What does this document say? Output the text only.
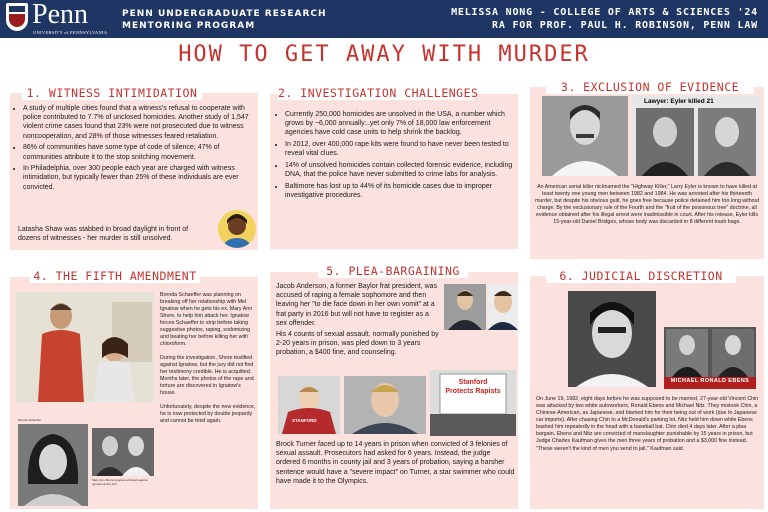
Penn
UNIVERSITY of PENNSYLVANIA
PENN UNDERGRADUATE RESEARCH
MENTORING PROGRAM
MELISSA NONG - COLLEGE OF ARTS & SCIENCES '24
RA FOR PROF. PAUL H. ROBINSON, PENN LAW
HOW TO GET AWAY WITH MURDER
1. WITNESS INTIMIDATION
• A study of multiple cities found that a witness's refusal to cooperate with police contributed to 7.7% of unclosed homicides. Another study of 1,547 violent crime cases found that 23% were not prosecuted due to witness noncooperation, and 28% of those witnesses feared retaliation.
• 86% of communities have some type of code of silence; 47% of communities attribute it to the stop snitching movement.
• In Philadelphia, over 300 people each year are charged with witness intimidation, but typically fewer than 25% of these individuals are ever convicted.
Latasha Shaw was stabbed in broad daylight in front of dozens of witnesses - her murder is still unsolved.
2. INVESTIGATION CHALLENGES
• Currently 250,000 homicides are unsolved in the USA, a number which grows by ~6,000 annually...yet only 7% of 18,000 law enforcement agencies have cold case units to help shrink the backlog.
• In 2012, over 400,000 rape kits were found to have never been tested to reveal vital clues.
• 14% of unsolved homicides contain collected forensic evidence, including DNA, that the police have never submitted to crime labs for analysis.
• Baltimore has lost up to 44% of its homicide cases due to improper investigative procedures.
3. EXCLUSION OF EVIDENCE
Lawyer: Eyler killed 21
An American serial killer nicknamed the "Highway Killer," Larry Eyler is known to have killed at least twenty one young men between 1982 and 1984. He was arrested after his thirteenth murder, but despite his obvious guilt, he goes free because police detained him too long without charge. By the exclusionary rule of the Fourth and the "fruit of the poisonous tree" doctrine, all evidence obtained after his illegal arrest were inadmissible in court. After his release, Eyler kills 15-year-old Daniel Bridges, whose body was discarded in 8 different trash bags.
4. THE FIFTH AMENDMENT

Brenda Schaeffer was planning on breaking off her relationship with Mel Ignatow when he gets his ex, Mary Ann Shore, to help him attack her. Ignatow forces Schaeffer to strip before taking suggestive photos, raping, sodomizing and beating her before killing her with chloroform.

During the investigation, Shore testified against Ignatow, but the jury did not find her testimony credible. He is acquitted. Months later, the photos of the rape and torture are discovered in Ignatow's house.

Unfortunately, despite the new evidence, he is now protected by double jeopardy and cannot be tried again.

Brenda Schaeffer
Mary Ann Shore Ignatow admitted against Ignatow at the trial
5. PLEA-BARGAINING

Jacob Anderson, a former Baylor frat president, was accused of raping a female sophomore and then leaving her "to die face down in her own vomit" at a frat party in 2016 but will not have to register as a sex offender.

His 4 counts of sexual assault, normally punished by 2-20 years in prison, was pled down to 3 years probation, a $400 fine, and counseling.

STANFORD
Stanford Protects Rapists
Brock Turner faced up to 14 years in prison when convicted of 3 felonies of sexual assault. Prosecutors had asked for 6 years. Instead, the judge ordered 6 months in county jail and 3 years of probation, saying a harsher sentence would have a "severe impact" on Turner, a star swimmer who could have made it to the Olympics.
6. JUDICIAL DISCRETION
MICHAEL RONALD EBENS

On June 19, 1982, eight days before he was supposed to be married, 27-year-old Vincent Chin was attacked by two white autoworkers, Ronald Ebens and Michael Nitz. They mistook Chin, a Chinese-American, as Japanese, and blamed him for their being out of work (due to Japanese car imports). After chasing Chin to a McDonald's parking lot, Nitz held him down while Ebens bashed him repeatedly in the head with a baseball bat. Chin died 4 days later. After a plea bargain, Ebens and Nitz are convicted of manslaughter punishable by 15 years in prison, but Judge Charles Kaufman gives the men three years of probation and a $3,000 fine instead.

"These weren't the kind of men you send to jail," Kaufman said.
